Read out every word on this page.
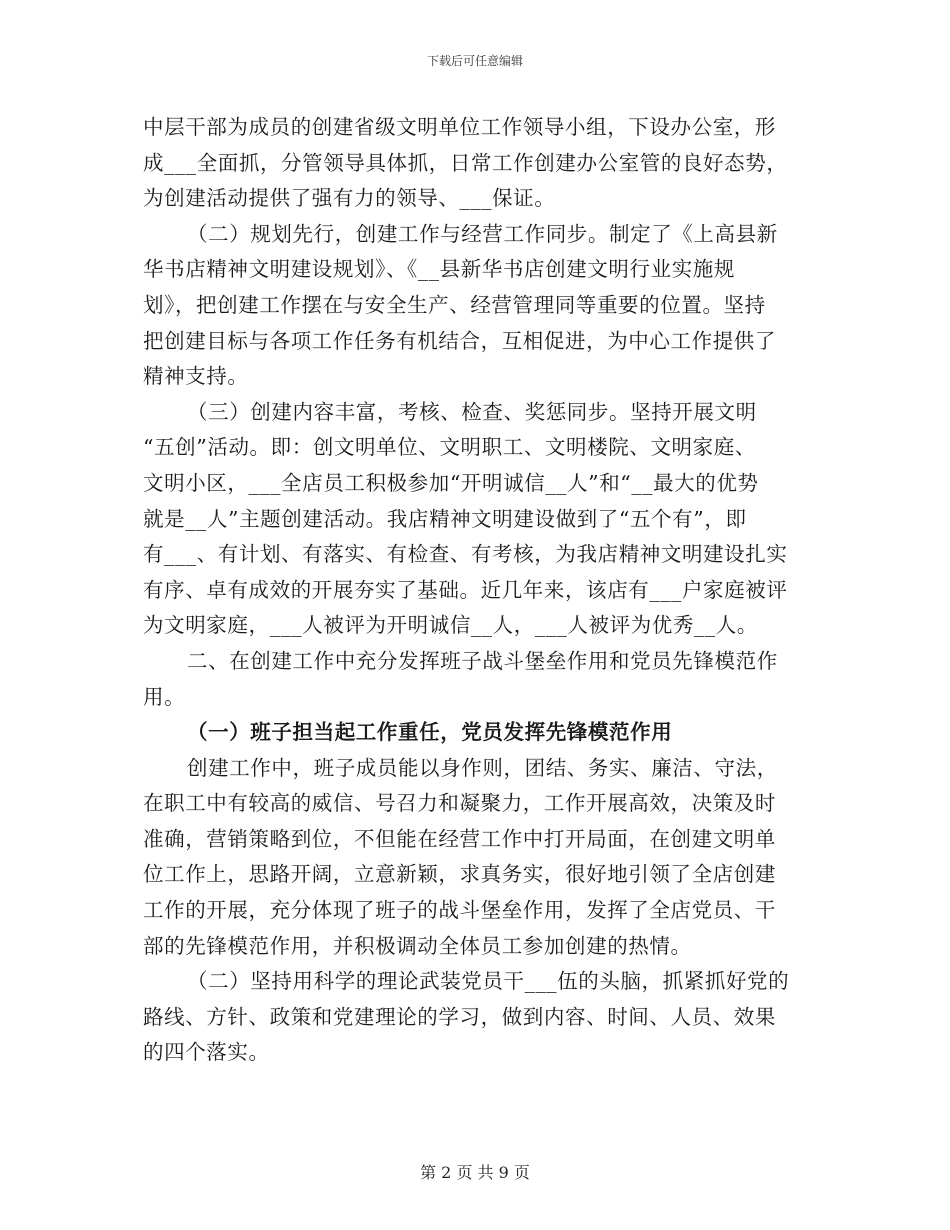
下载后可任意编辑
中层干部为成员的创建省级文明单位工作领导小组，下设办公室，形
成___全面抓，分管领导具体抓，日常工作创建办公室管的良好态势，
为创建活动提供了强有力的领导、___保证。
（二）规划先行，创建工作与经营工作同步。制定了《上高县新
华书店精神文明建设规划》、《__县新华书店创建文明行业实施规
划》，把创建工作摆在与安全生产、经营管理同等重要的位置。坚持
把创建目标与各项工作任务有机结合，互相促进，为中心工作提供了
精神支持。
（三）创建内容丰富，考核、检查、奖惩同步。坚持开展文明
“五创”活动。即：创文明单位、文明职工、文明楼院、文明家庭、
文明小区，___全店员工积极参加“开明诚信__人”和“__最大的优势
就是__人”主题创建活动。我店精神文明建设做到了“五个有”，即
有___、有计划、有落实、有检查、有考核，为我店精神文明建设扎实
有序、卓有成效的开展夯实了基础。近几年来，该店有___户家庭被评
为文明家庭，___人被评为开明诚信__人，___人被评为优秀__人。
二、在创建工作中充分发挥班子战斗堡垒作用和党员先锋模范作
用。
（一）班子担当起工作重任，党员发挥先锋模范作用
创建工作中，班子成员能以身作则，团结、务实、廉洁、守法，
在职工中有较高的威信、号召力和凝聚力，工作开展高效，决策及时
准确，营销策略到位，不但能在经营工作中打开局面，在创建文明单
位工作上，思路开阔，立意新颖，求真务实，很好地引领了全店创建
工作的开展，充分体现了班子的战斗堡垒作用，发挥了全店党员、干
部的先锋模范作用，并积极调动全体员工参加创建的热情。
（二）坚持用科学的理论武装党员干___伍的头脑，抓紧抓好党的
路线、方针、政策和党建理论的学习，做到内容、时间、人员、效果
的四个落实。
第 2 页 共 9 页
